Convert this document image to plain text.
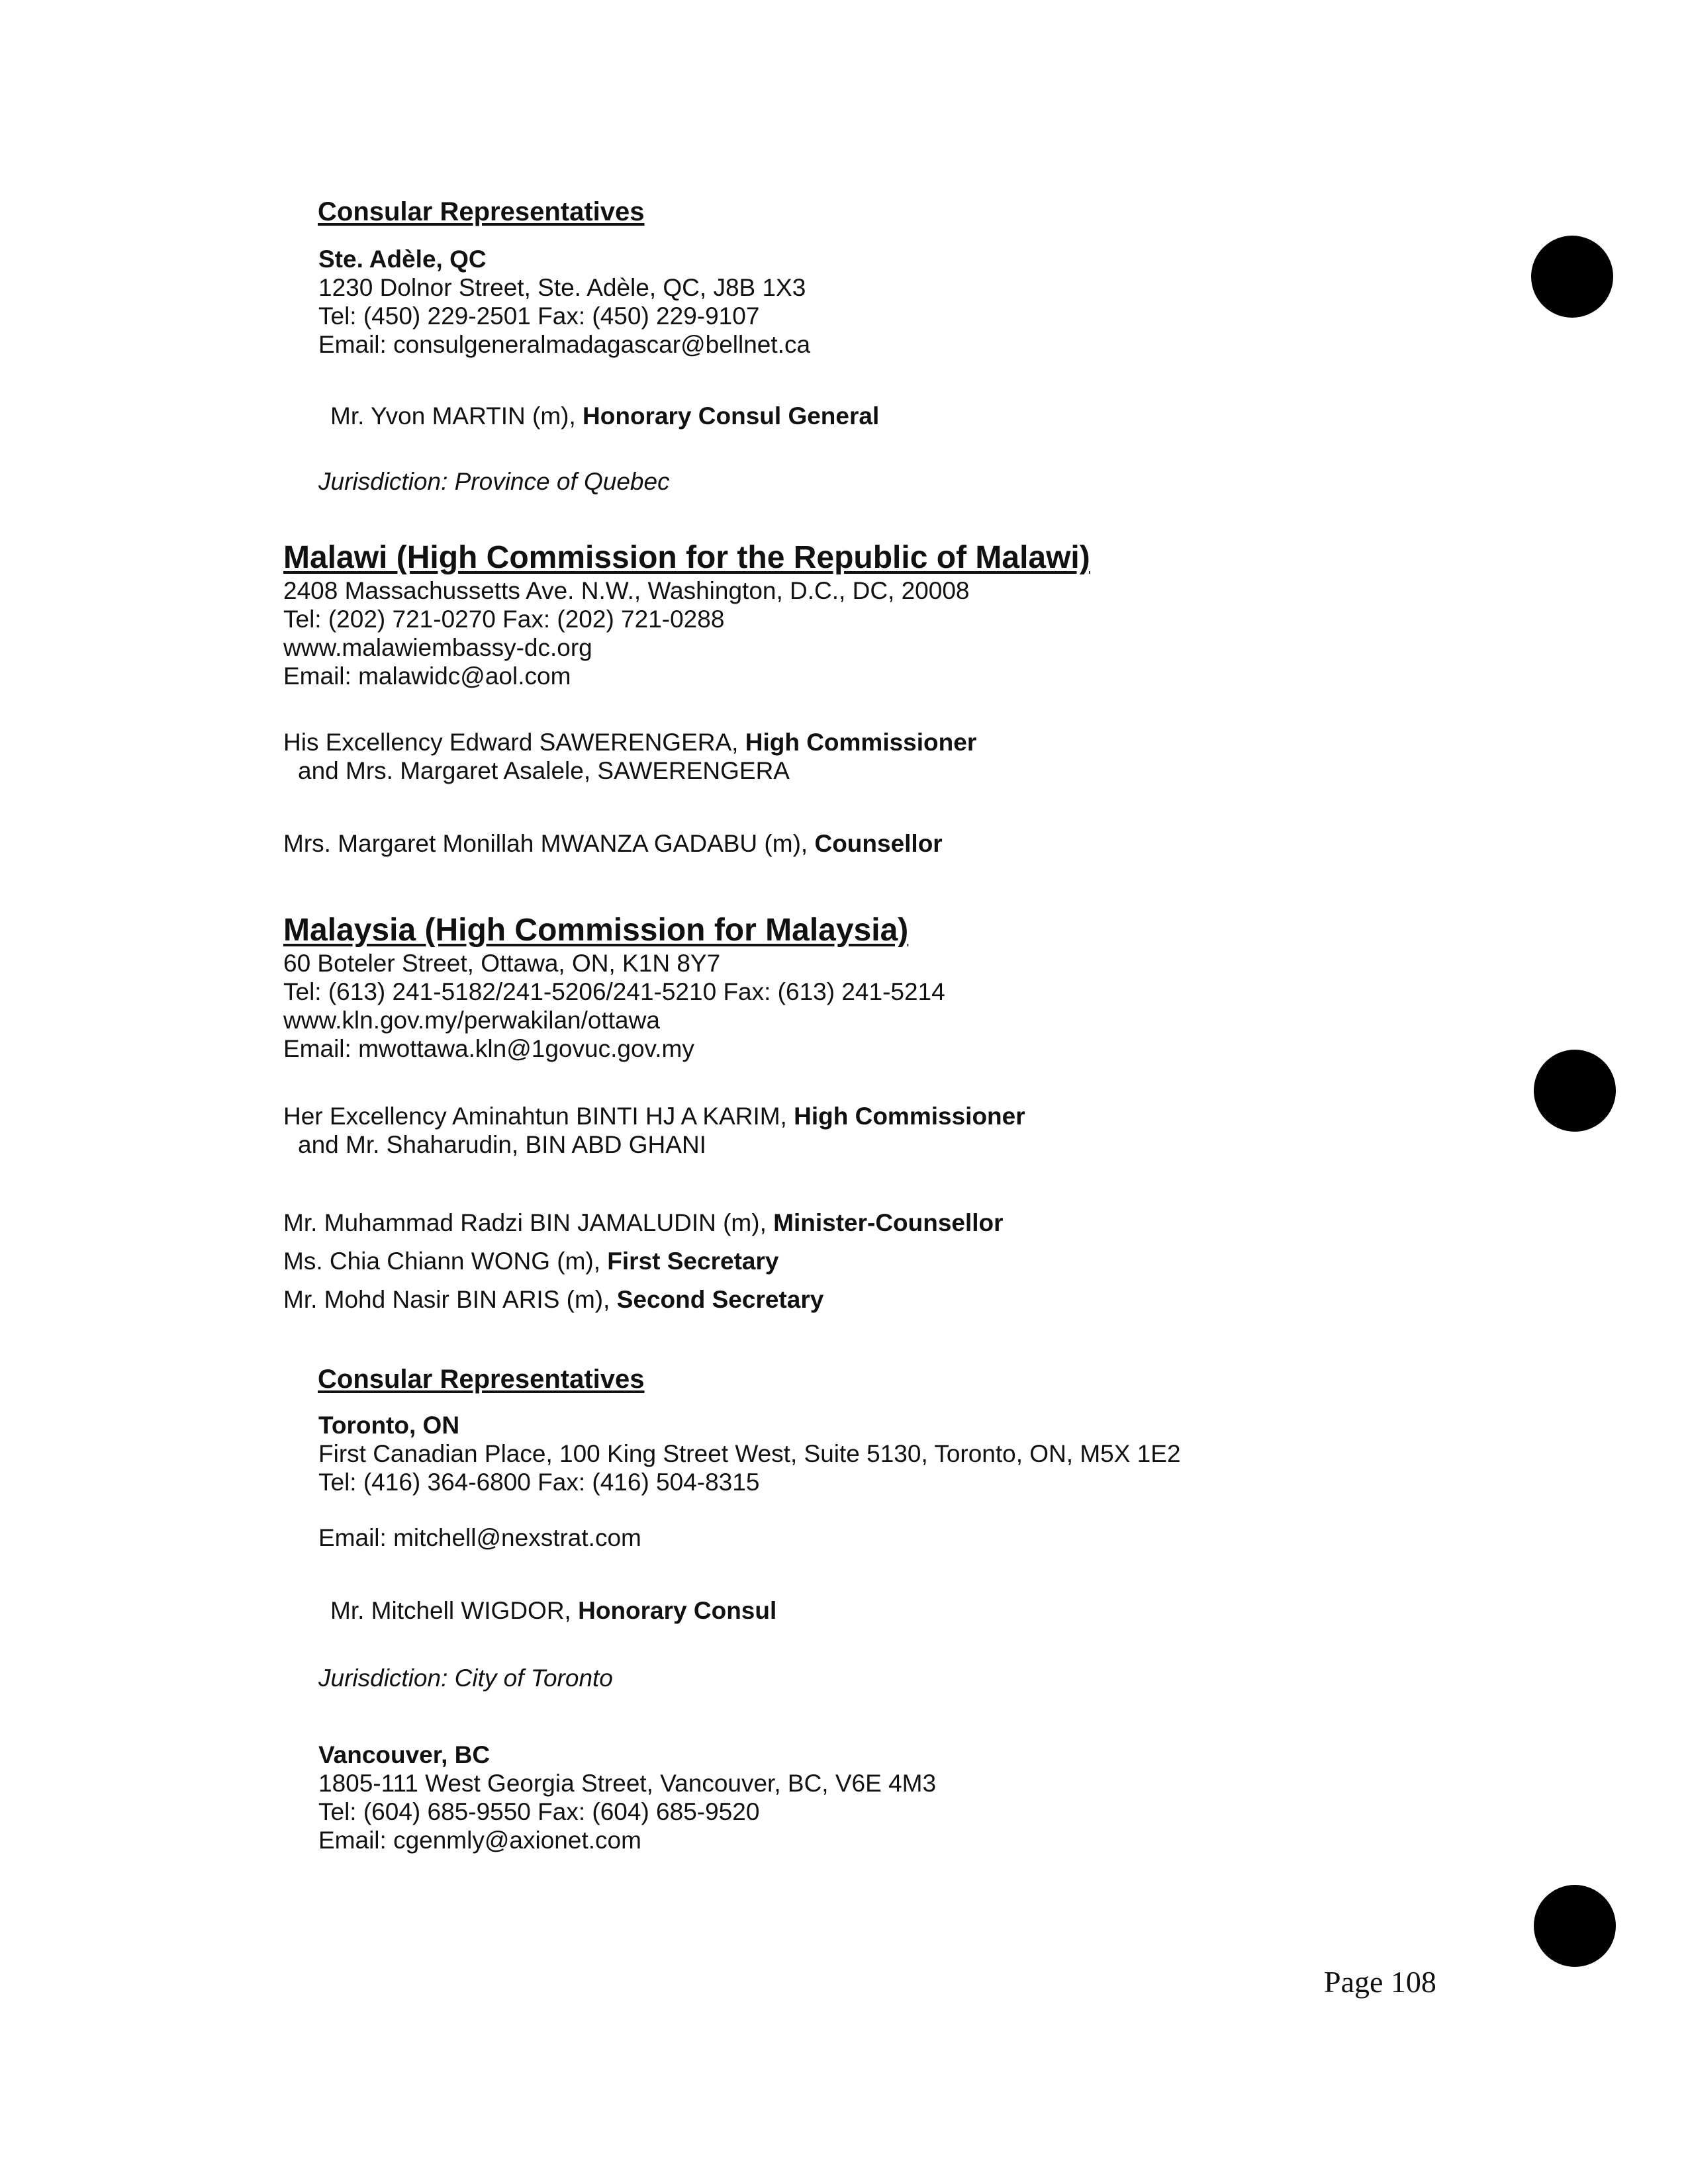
Consular Representatives
Ste. Adèle, QC
1230 Dolnor Street, Ste. Adèle, QC, J8B 1X3
Tel: (450) 229-2501 Fax: (450) 229-9107
Email: consulgeneralmadagascar@bellnet.ca
Mr. Yvon MARTIN (m), Honorary Consul General
Jurisdiction: Province of Quebec
Malawi (High Commission for the Republic of Malawi)
2408 Massachussetts Ave. N.W., Washington, D.C., DC, 20008
Tel: (202) 721-0270 Fax: (202) 721-0288
www.malawiembassy-dc.org
Email: malawidc@aol.com
His Excellency Edward SAWERENGERA, High Commissioner
and Mrs. Margaret Asalele, SAWERENGERA
Mrs. Margaret Monillah MWANZA GADABU (m), Counsellor
Malaysia (High Commission for Malaysia)
60 Boteler Street, Ottawa, ON, K1N 8Y7
Tel: (613) 241-5182/241-5206/241-5210 Fax: (613) 241-5214
www.kln.gov.my/perwakilan/ottawa
Email: mwottawa.kln@1govuc.gov.my
Her Excellency Aminahtun BINTI HJ A KARIM, High Commissioner
and Mr. Shaharudin, BIN ABD GHANI
Mr. Muhammad Radzi BIN JAMALUDIN (m), Minister-Counsellor
Ms. Chia Chiann WONG (m), First Secretary
Mr. Mohd Nasir BIN ARIS (m), Second Secretary
Consular Representatives
Toronto, ON
First Canadian Place, 100 King Street West, Suite 5130, Toronto, ON, M5X 1E2
Tel: (416) 364-6800 Fax: (416) 504-8315
Email: mitchell@nexstrat.com
Mr. Mitchell WIGDOR, Honorary Consul
Jurisdiction: City of Toronto
Vancouver, BC
1805-111 West Georgia Street, Vancouver, BC, V6E 4M3
Tel: (604) 685-9550 Fax: (604) 685-9520
Email: cgenmly@axionet.com
Page 108
